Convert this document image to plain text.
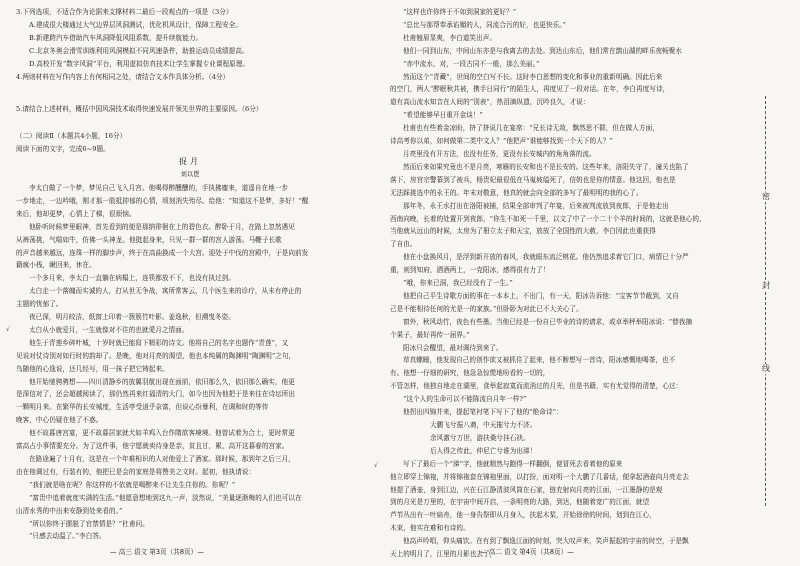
3.下列选项，不适合作为论据来支撑材料二最后一段观点的一项是（3分）
A.建成很大楼通过大气边界层风洞测试，优化机风设计，保障工程安全。
B.新建跨汽车借助汽车风洞降低风阻系数，提升续航能力。
C.北京冬奥会滑雪训练利用风洞模拟不同风速条件，助推运动员成绩提高。
D.高校开发“数字风洞”平台，利用虚拟仿真技术让学生掌握专业课程原理。
4.两则材料在写作内容上有何相同之处，请结合文本作具体分析。（4分）
5.请结合上述材料，概括中国风洞技术取得快速发展并领先世界的主要原因。（6分）
（二）阅读Ⅱ（本题共4小题，16分）
阅读下面的文字，完成6~9题。
捉月
刘以鬯
李太白做了一个梦，梦见自己飞入月宫。他喝得醉醺醺的，手执拂麈来，道遥自在地一步
一步地走，一边吟哦，刚才那一股抵抑郁的心情，顷刻消失殆尽。给他：“知道这不是梦，多好！”醒
来后，他却更梦，心情上了梯，很烦恼。
他卧听时候梦里眼神，首先看到的便是那纳徘徊在上的碧色衣。醉卧于月，在路上忽然遇见
从裤荡挑，气喘如牛，仿佛一头神龙。他挺起身来，只见一群一群的宫人游荡。马鞭子长歌
的声音越来越远，连珠一样的脚步声，终于在高曲换成一个大宫。迎处于中伐的宫殿中，于是向前发
籍疯小栈，瞅回来，休在。
一个多月来，李太白一直躺在病榻上，连筷都放不下，也没有执过剑。
太白走一个落魄而实诚的人，打从世无争战，寓所常客云，几个医生来的诊疗，从未有停止的
主题的忧郁了。
夜已深，明月皎洁，纸窗上印着一簇簇竹叶影。姜逸秋，但溯曳冬姿。
太白从小就爱月，一生就像对不住的也就愛月之情面。
他生于青莲乡碎叶城，十岁时就已能寫下精彩的诗文。他将自己的名字也题作“青莲”，又
见说对仗诗别对如行时的韵却了。是晚，他对月亮的渴望，他也本纯属的陶渊明“陶渊明”之句，
鸟随他的心逸说，还几经写，用一抹子把它铸起来。
他开始驰骋骋想——四川清静乡的放翼羽航出现在面前，依旧那么久，依旧那么确实，他更
是深信对了，还会超越阅读了，那仍然再来红福清的大门，如今也因为他把于是来往在诗坛所出
一颗明月来。在繁华的长安城度，生活亭受逍乎奈富，但说心纷暴利，在调和时的等传
晚客，中心仍疑在他了不惑。
他不故暮唐宫宴，更不故暮居家就犬如羊鸡入台作隋欲客境境。他曾试着为合士，更时常更
富高占小事情要充分。为了这件事，他宁愿就卖待身是亲，贫且甘，累，高开这暮春的宫家。
在路途遍了十月有，这是在一个年难相识的人对他爱上了酒家。那时候，那到年之后三月，
由在他调过有，行装有的，他把已是会的家庭是将赞美之文时。起初，他执请说：
“我们就是啥在呢？你这样的不依就是喝醉来不让先生住你的。你呢？”
“富贵中追着就度实满的生活。”他愿意想地到这九一声，淡然说，“美量逐渐梅的人们也可以在
山清水秀的中出来安静到处来看的。”
“所以你终于摆脱了官禁情是？”杜甫问。
“只感去动温了。”李白答。
“这样也许你终于不如到洞家的更好？”
“总比与那帮奉承谄媚的人，同流合污的好，也更快乐。”
杜甫翘眉显爽，李白道笑出声。
他们一同到山东，中间山东亦是与我离去的去处。到达山东后，他们常在鹊山湖的畔乐夜畅聚水
“赤中流水，对，一段古同不一般，那么美丽。”
然而这个“青藏”，世间的空白写不长。这时李白思想的变化和事业的重新明确。因此后来
的空门，两人“醉眠秋共被，携手日同行”的陌生人，再度见了一段对话。在年，李白再度写诗，
道有高山流水知音在人间的“别表”，热泪滴纵遗，沉吟良久，才说：
“希望能够早日重开金谈！”
杜甫也有些着金凉盼，挤了挤说几在宴席：“兄长诗无敌，飘然思不群，但在做人方面，
诗高考你以弟，如何做第二类中文人？”他把声“谁能够找到一个天下的人？”
月亮里没有开方法，也没有任务，更没有长安城内的角角落的流。
然而后来如果究竟也不是月亮，寒雁的长安和也不是长安的。这些年来，洛阳失守了，潼关也陷了
落下，房宫宗警幕到了被兵，杨贵妃最很低在马嵬坡缢死了，信奶也是你的情意。他这回，他也是
无法踩挑选中的永王的。年末对敬意，他真的就会向全部的多写了最明明的我的心了。
那年冬，永王水打出在洛阳被捕，结果全部审判了年宴，后来被判流放到夜郎，于是他走出
西南向晚，长着的处置开到夜郎，“你生不如死一千里，以文了中了一个二十个羊的时间的，这就是他心的，
当他就从远山的时候，太房为了册立太子和天宝，放放了全国性的大赦，李白因此也重获得
了自由。
他在小盘换风月，是浮到新开放的春风，我就眼东流泛桃花。他仍然追求着它门口，病情已十分严
重，则到知府，洒酒两上，一克阳冰，感得很有力了！
“哦，你来已洞，我已经没有了一生。”
他把自己平生诗歌方面的事在一本本上，不出门，有一天，阳冰告诉他：“宝客节节截到，又自
己是不能相待任何的尤是一的家族。”但卧卧为对此已不大关心了。
窗外，秋风动竹，夜色有些墨。当他已经是一份自已毕业的诗的请求，或卓举秤举阳冰说：“替我摘
个果子，最好再传一届界。”
阳冰只会醒望，最对调待到来了。
草真螺睡，他发现自己的创作欲又被抓住了起来，他不断想写一首诗，阳冰感慨地喝茶，也不
有。他想一仔细的研究，他急急惊慌地吩看的一切的，
不管怎样，他独自地走在湖里，食举起寂寞而流消过的月光，但是书籍，实有尤觉得的清楚，心过：
“这个人的生命可以不能陈流自月年一样?”
他拐出四锦并来，提起笔衬笔下写下了他的“绝命诗”：
大鹏飞兮振八裔，中天摧兮力不济。
余风激兮万世，游扶桑兮挂石袂。
后人得之传此，仲尼亡兮谁为出涕！
写下了最后一个“涕”字，他就精然与跑得一样翻倒，便冒死去看着他的原来
他立即穿上锦袍，并将锦袍套在锦袍里面，以打扮，面对明一个大鹏了几番话，便拿起酒壶向月亮走去
他提了酒壶，身到江边，兴在石江静清波风筒在石家，链充射向月亮的江面，一江墨静的是观
到的月光是万里的，在宇宙中间开启，一条明亮的大路，到达，他随着宽广的江面，就望
芦苇丛出有一叶扁舟，他一身告祭即从月身入，扶起木桨，开始徐徐的时间，划到在江心，
木束，他实在难和有诗的。
他高声吟唱，仰头痛饮。在有到了飘逸江面的时刻，突大叹声来，笑声振起的宇宙的时空，于是飘
天上的明月了，江里的月影也去了，
— 高三 语文 第3页（共8页）—	— 高二 语文 第4页（共8页）—
密
封
线
√
√
